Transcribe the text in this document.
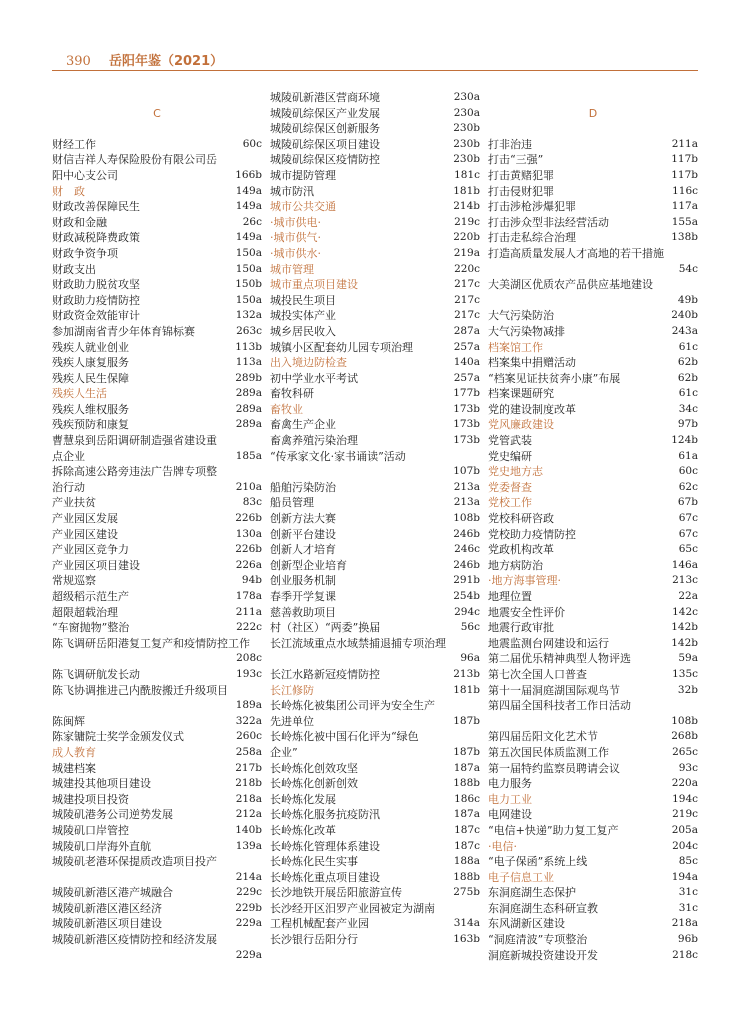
390 岳阳年鉴（2021）
C
财经工作	60c
财信吉祥人寿保险股份有限公司岳
阳中心支公司	166b
财　政	149a
财政改善保障民生	149a
财政和金融	26c
财政减税降费政策	149a
财政争资争项	150a
财政支出	150a
财政助力脱贫攻坚	150b
财政助力疫情防控	150a
财政资金效能审计	132a
参加湖南省青少年体育锦标赛	263c
残疾人就业创业	113b
残疾人康复服务	113a
残疾人民生保障	289b
残疾人生活	289a
残疾人维权服务	289a
残疾预防和康复	289a
曹慧泉到岳阳调研制造强省建设重
点企业	185a
拆除高速公路旁违法广告牌专项整
治行动	210a
产业扶贫	83c
产业园区发展	226b
产业园区建设	130a
产业园区竞争力	226b
产业园区项目建设	226a
常规巡察	94b
超级稻示范生产	178a
超限超载治理	211a
“车窗抛物”整治	222c
陈飞调研岳阳港复工复产和疫情防控工作
208c
陈飞调研航发长动	193c
陈飞协调推进己内酰胺搬迁升级项目
189a
陈闽辉	322a
陈家镛院士奖学金颁发仪式	260c
成人教育	258a
城建档案	217b
城建投其他项目建设	218b
城建投项目投资	218a
城陵矶港务公司逆势发展	212a
城陵矶口岸管控	140b
城陵矶口岸海外直航	139a
城陵矶老港环保提质改造项目投产
214a
城陵矶新港区港产城融合	229c
城陵矶新港区港区经济	229b
城陵矶新港区项目建设	229a
城陵矶新港区疫情防控和经济发展
229a
城陵矶新港区营商环境	230a
城陵矶综保区产业发展	230a
城陵矶综保区创新服务	230b
城陵矶综保区项目建设	230b
城陵矶综保区疫情防控	230b
城市提防管理	181c
城市防汛	181b
城市公共交通	214b
·城市供电·	219c
·城市供气·	220b
·城市供水·	219a
城市管理	220c
城市重点项目建设	217c
城投民生项目	217c
城投实体产业	217c
城乡居民收入	287a
城镇小区配套幼儿园专项治理	257a
出入境边防检查	140a
初中学业水平考试	257a
畜牧科研	177b
畜牧业	173b
畜禽生产企业	173b
畜禽养殖污染治理	173b
“传承家文化·家书诵读”活动
107b
船舶污染防治	213a
船员管理	213a
创新方法大赛	108b
创新平台建设	246b
创新人才培育	246c
创新型企业培育	246b
创业服务机制	291b
春季开学复课	254b
慈善救助项目	294c
村（社区）“两委”换届	56c
长江流域重点水域禁捕退捕专项治理
96a
长江水路新冠疫情防控	213b
长江修防	181b
长岭炼化被集团公司评为安全生产
先进单位	187b
长岭炼化被中国石化评为“绿色
企业”	187b
长岭炼化创效攻坚	187a
长岭炼化创新创效	188b
长岭炼化发展	186c
长岭炼化服务抗疫防汛	187a
长岭炼化改革	187c
长岭炼化管理体系建设	187c
长岭炼化民生实事	188a
长岭炼化重点项目建设	188b
长沙地铁开展岳阳旅游宣传	275b
长沙经开区汨罗产业园被定为湖南
工程机械配套产业园	314a
长沙银行岳阳分行	163b
D
打非治违	211a
打击“三强”	117b
打击黄赌犯罪	117b
打击侵财犯罪	116c
打击涉枪涉爆犯罪	117a
打击涉众型非法经营活动	155a
打击走私综合治理	138b
打造高质量发展人才高地的若干措施
54c
大美湖区优质农产品供应基地建设
49b
大气污染防治	240b
大气污染物减排	243a
档案馆工作	61c
档案集中捐赠活动	62b
“档案见证扶贫奔小康”布展	62b
档案课题研究	61c
党的建设制度改革	34c
党风廉政建设	97b
党管武装	124b
党史编研	61a
党史地方志	60c
党委督查	62c
党校工作	67b
党校科研咨政	67c
党校助力疫情防控	67c
党政机构改革	65c
地方病防治	146a
·地方海事管理·	213c
地理位置	22a
地震安全性评价	142c
地震行政审批	142b
地震监测台网建设和运行	142b
第二届优乐精神典型人物评选	59a
第七次全国人口普查	135c
第十一届洞庭湖国际观鸟节	32b
第四届全国科技者工作日活动
108b
第四届岳阳文化艺术节	268b
第五次国民体质监测工作	265c
第一届特约监察员聘请会议	93c
电力服务	220a
电力工业	194c
电网建设	219c
“电信+快递”助力复工复产	205a
·电信·	204c
“电子保函”系统上线	85c
电子信息工业	194a
东洞庭湖生态保护	31c
东洞庭湖生态科研宣教	31c
东风湖新区建设	218a
“洞庭清波”专项整治	96b
洞庭新城投资建设开发	218c
